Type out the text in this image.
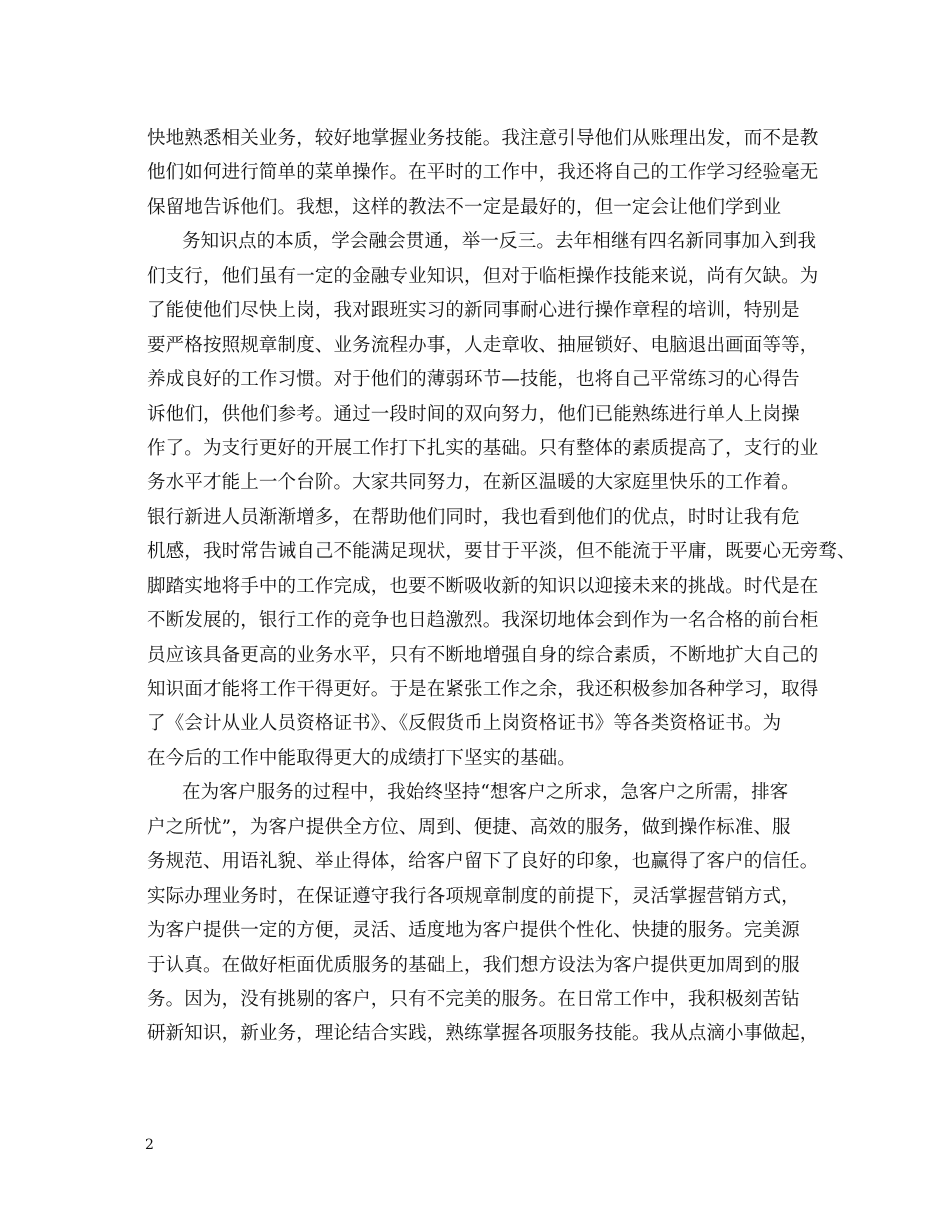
快地熟悉相关业务，较好地掌握业务技能。我注意引导他们从账理出发，而不是教
他们如何进行简单的菜单操作。在平时的工作中，我还将自己的工作学习经验毫无
保留地告诉他们。我想，这样的教法不一定是最好的，但一定会让他们学到业
务知识点的本质，学会融会贯通，举一反三。去年相继有四名新同事加入到我
们支行，他们虽有一定的金融专业知识，但对于临柜操作技能来说，尚有欠缺。为
了能使他们尽快上岗，我对跟班实习的新同事耐心进行操作章程的培训，特别是
要严格按照规章制度、业务流程办事，人走章收、抽屉锁好、电脑退出画面等等，
养成良好的工作习惯。对于他们的薄弱环节—技能，也将自己平常练习的心得告
诉他们，供他们参考。通过一段时间的双向努力，他们已能熟练进行单人上岗操
作了。为支行更好的开展工作打下扎实的基础。只有整体的素质提高了，支行的业
务水平才能上一个台阶。大家共同努力，在新区温暖的大家庭里快乐的工作着。
银行新进人员渐渐增多，在帮助他们同时，我也看到他们的优点，时时让我有危
机感，我时常告诫自己不能满足现状，要甘于平淡，但不能流于平庸，既要心无旁骛、
脚踏实地将手中的工作完成，也要不断吸收新的知识以迎接未来的挑战。时代是在
不断发展的，银行工作的竞争也日趋激烈。我深切地体会到作为一名合格的前台柜
员应该具备更高的业务水平，只有不断地增强自身的综合素质，不断地扩大自己的
知识面才能将工作干得更好。于是在紧张工作之余，我还积极参加各种学习，取得
了《会计从业人员资格证书》、《反假货币上岗资格证书》等各类资格证书。为
在今后的工作中能取得更大的成绩打下坚实的基础。
在为客户服务的过程中，我始终坚持“想客户之所求，急客户之所需，排客
户之所忧”，为客户提供全方位、周到、便捷、高效的服务，做到操作标准、服
务规范、用语礼貌、举止得体，给客户留下了良好的印象，也赢得了客户的信任。
实际办理业务时，在保证遵守我行各项规章制度的前提下，灵活掌握营销方式，
为客户提供一定的方便，灵活、适度地为客户提供个性化、快捷的服务。完美源
于认真。在做好柜面优质服务的基础上，我们想方设法为客户提供更加周到的服
务。因为，没有挑剔的客户，只有不完美的服务。在日常工作中，我积极刻苦钻
研新知识，新业务，理论结合实践，熟练掌握各项服务技能。我从点滴小事做起，
2
